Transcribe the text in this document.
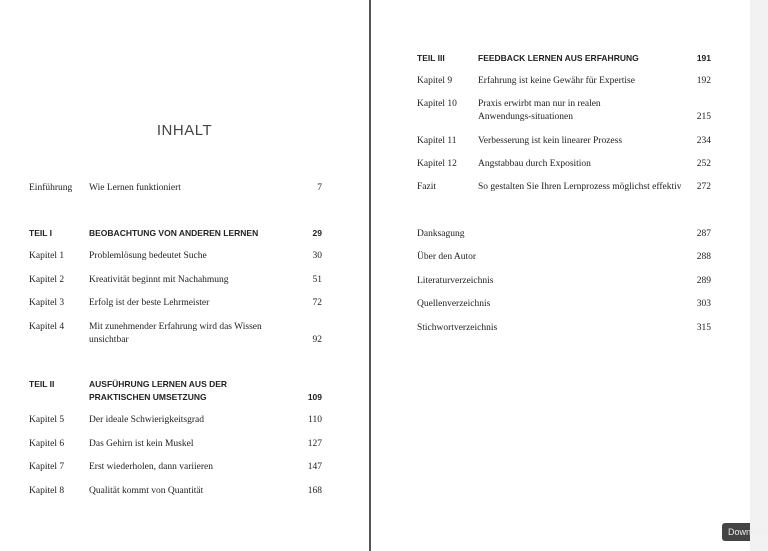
INHALT
Einführung Wie Lernen funktioniert	7
TEIL I	BEOBACHTUNG VON ANDEREN LERNEN	29
Kapitel 1	Problemlösung bedeutet Suche	30
Kapitel 2	Kreativität beginnt mit Nachahmung	51
Kapitel 3	Erfolg ist der beste Lehrmeister	72
Kapitel 4	Mit zunehmender Erfahrung wird das Wissen unsichtbar	92
TEIL II	AUSFÜHRUNG LERNEN AUS DER PRAKTISCHEN UMSETZUNG	109
Kapitel 5	Der ideale Schwierigkeitsgrad	110
Kapitel 6	Das Gehirn ist kein Muskel	127
Kapitel 7	Erst wiederholen, dann variieren	147
Kapitel 8	Qualität kommt von Quantität	168
TEIL III	FEEDBACK LERNEN AUS ERFAHRUNG	191
Kapitel 9	Erfahrung ist keine Gewähr für Expertise	192
Kapitel 10 Praxis erwirbt man nur in realen Anwendungs-situationen	215
Kapitel 11 Verbesserung ist kein linearer Prozess	234
Kapitel 12 Angstabbau durch Exposition	252
Fazit	So gestalten Sie Ihren Lernprozess möglichst effektiv	272
Danksagung	287
Über den Autor	288
Literaturverzeichnis	289
Quellenverzeichnis	303
Stichwortverzeichnis	315
Download
